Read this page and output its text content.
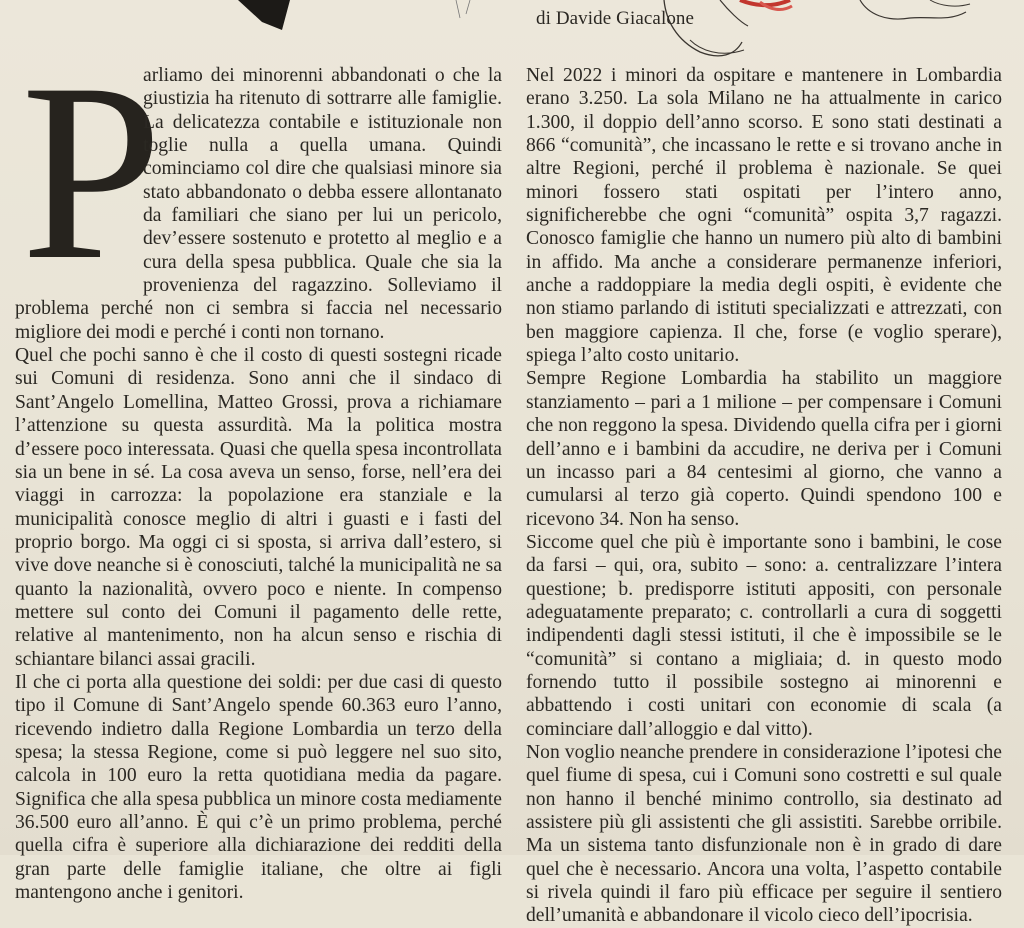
di Davide Giacalone
P

arliamo dei minorenni abbandonati o che la giustizia ha ritenuto di sottrarre alle famiglie. La delicatezza contabile e istituzionale non toglie nulla a quella umana. Quindi cominciamo col dire che qualsiasi minore sia stato abbandonato o debba essere allontanato da familiari che siano per lui un pericolo, dev’essere sostenuto e protetto al meglio e a cura della spesa pubblica. Quale che sia la provenienza del ragazzino. Solleviamo il problema perché non ci sembra si faccia nel necessario migliore dei modi e perché i conti non tornano.

Quel che pochi sanno è che il costo di questi sostegni ricade sui Comuni di residenza. Sono anni che il sindaco di Sant’Angelo Lomellina, Matteo Grossi, prova a richiamare l’attenzione su questa assurdità. Ma la politica mostra d’essere poco interessata. Quasi che quella spesa incontrollata sia un bene in sé. La cosa aveva un senso, forse, nell’era dei viaggi in carrozza: la popolazione era stanziale e la municipalità conosce meglio di altri i guasti e i fasti del proprio borgo. Ma oggi ci si sposta, si arriva dall’estero, si vive dove neanche si è conosciuti, talché la municipalità ne sa quanto la nazionalità, ovvero poco e niente. In compenso mettere sul conto dei Comuni il pagamento delle rette, relative al mantenimento, non ha alcun senso e rischia di schiantare bilanci assai gracili.

Il che ci porta alla questione dei soldi: per due casi di questo tipo il Comune di Sant’Angelo spende 60.363 euro l’anno, ricevendo indietro dalla Regione Lombardia un terzo della spesa; la stessa Regione, come si può leggere nel suo sito, calcola in 100 euro la retta quotidiana media da pagare. Significa che alla spesa pubblica un minore costa mediamente 36.500 euro all’anno. È qui c’è un primo problema, perché quella cifra è superiore alla dichiarazione dei redditi della gran parte delle famiglie italiane, che oltre ai figli mantengono anche i genitori.

Nel 2022 i minori da ospitare e mantenere in Lombardia erano 3.250. La sola Milano ne ha attualmente in carico 1.300, il doppio dell’anno scorso. E sono stati destinati a 866 “comunità”, che incassano le rette e si trovano anche in altre Regioni, perché il problema è nazionale. Se quei minori fossero stati ospitati per l’intero anno, significherebbe che ogni “comunità” ospita 3,7 ragazzi. Conosco famiglie che hanno un numero più alto di bambini in affido. Ma anche a considerare permanenze inferiori, anche a raddoppiare la media degli ospiti, è evidente che non stiamo parlando di istituti specializzati e attrezzati, con ben maggiore capienza. Il che, forse (e voglio sperare), spiega l’alto costo unitario.

Sempre Regione Lombardia ha stabilito un maggiore stanziamento – pari a 1 milione – per compensare i Comuni che non reggono la spesa. Dividendo quella cifra per i giorni dell’anno e i bambini da accudire, ne deriva per i Comuni un incasso pari a 84 centesimi al giorno, che vanno a cumularsi al terzo già coperto. Quindi spendono 100 e ricevono 34. Non ha senso.

Siccome quel che più è importante sono i bambini, le cose da farsi – qui, ora, subito – sono: a. centralizzare l’intera questione; b. predisporre istituti appositi, con personale adeguatamente preparato; c. controllarli a cura di soggetti indipendenti dagli stessi istituti, il che è impossibile se le “comunità” si contano a migliaia; d. in questo modo fornendo tutto il possibile sostegno ai minorenni e abbattendo i costi unitari con economie di scala (a cominciare dall’alloggio e dal vitto).

Non voglio neanche prendere in considerazione l’ipotesi che quel fiume di spesa, cui i Comuni sono costretti e sul quale non hanno il benché minimo controllo, sia destinato ad assistere più gli assistenti che gli assistiti. Sarebbe orribile. Ma un sistema tanto disfunzionale non è in grado di dare quel che è necessario. Ancora una volta, l’aspetto contabile si rivela quindi il faro più efficace per seguire il sentiero dell’umanità e abbandonare il vicolo cieco dell’ipocrisia.
